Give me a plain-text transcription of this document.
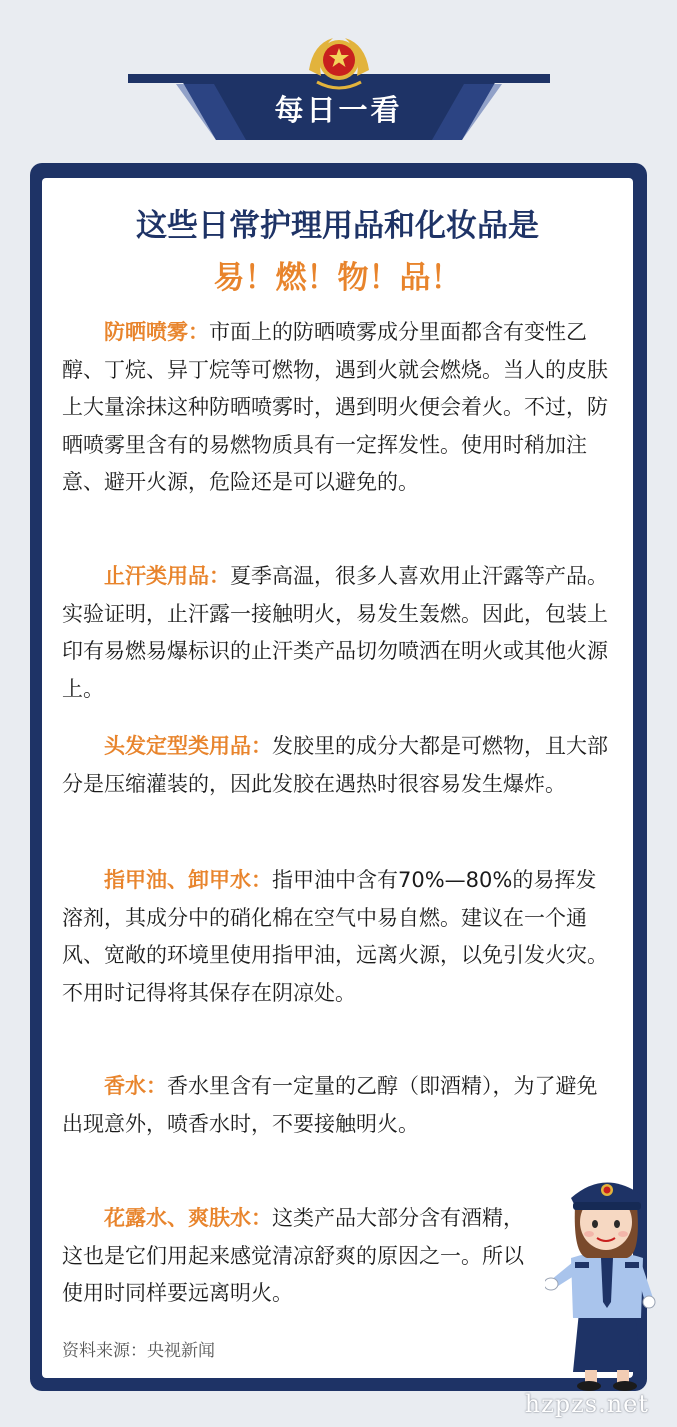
每日一看
这些日常护理用品和化妆品是
易！燃！物！品！
防晒喷雾：市面上的防晒喷雾成分里面都含有变性乙醇、丁烷、异丁烷等可燃物，遇到火就会燃烧。当人的皮肤上大量涂抹这种防晒喷雾时，遇到明火便会着火。不过，防晒喷雾里含有的易燃物质具有一定挥发性。使用时稍加注意、避开火源，危险还是可以避免的。
止汗类用品：夏季高温，很多人喜欢用止汗露等产品。实验证明，止汗露一接触明火，易发生轰燃。因此，包装上印有易燃易爆标识的止汗类产品切勿喷洒在明火或其他火源上。
头发定型类用品：发胶里的成分大都是可燃物，且大部分是压缩灌装的，因此发胶在遇热时很容易发生爆炸。
指甲油、卸甲水：指甲油中含有70%—80%的易挥发溶剂，其成分中的硝化棉在空气中易自燃。建议在一个通风、宽敞的环境里使用指甲油，远离火源，以免引发火灾。不用时记得将其保存在阴凉处。
香水：香水里含有一定量的乙醇（即酒精），为了避免出现意外，喷香水时，不要接触明火。
花露水、爽肤水：这类产品大部分含有酒精，这也是它们用起来感觉清凉舒爽的原因之一。所以使用时同样要远离明火。
资料来源：央视新闻
hzpzs.net
